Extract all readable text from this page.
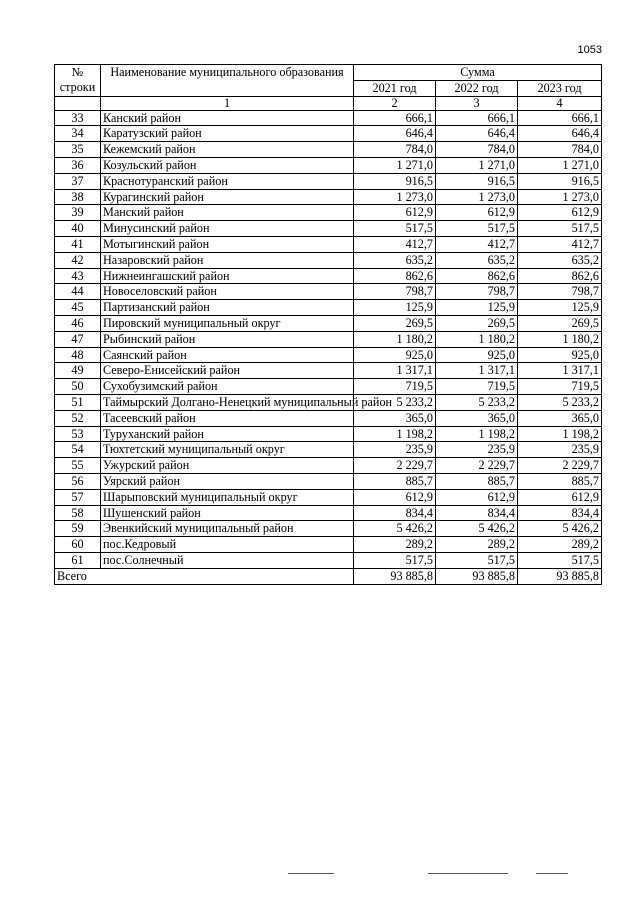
1053
№ строки	Наименование муниципального образования	Сумма		
		2021 год	2022 год	2023 год
	1	2	3	4
33	Канский район	666,1	666,1	666,1
34	Каратузский район	646,4	646,4	646,4
35	Кежемский район	784,0	784,0	784,0
36	Козульский район	1 271,0	1 271,0	1 271,0
37	Краснотуранский район	916,5	916,5	916,5
38	Курагинский район	1 273,0	1 273,0	1 273,0
39	Манский район	612,9	612,9	612,9
40	Минусинский район	517,5	517,5	517,5
41	Мотыгинский район	412,7	412,7	412,7
42	Назаровский район	635,2	635,2	635,2
43	Нижнеингашский район	862,6	862,6	862,6
44	Новоселовский район	798,7	798,7	798,7
45	Партизанский район	125,9	125,9	125,9
46	Пировский муниципальный округ	269,5	269,5	269,5
47	Рыбинский район	1 180,2	1 180,2	1 180,2
48	Саянский район	925,0	925,0	925,0
49	Северо-Енисейский район	1 317,1	1 317,1	1 317,1
50	Сухобузимский район	719,5	719,5	719,5
51	Таймырский Долгано-Ненецкий муниципальный район	5 233,2	5 233,2	5 233,2
52	Тасеевский район	365,0	365,0	365,0
53	Туруханский район	1 198,2	1 198,2	1 198,2
54	Тюхтетский муниципальный округ	235,9	235,9	235,9
55	Ужурский район	2 229,7	2 229,7	2 229,7
56	Уярский район	885,7	885,7	885,7
57	Шарыповский муниципальный округ	612,9	612,9	612,9
58	Шушенский район	834,4	834,4	834,4
59	Эвенкийский муниципальный район	5 426,2	5 426,2	5 426,2
60	пос.Кедровый	289,2	289,2	289,2
61	пос.Солнечный	517,5	517,5	517,5
Всего		93 885,8	93 885,8	93 885,8
